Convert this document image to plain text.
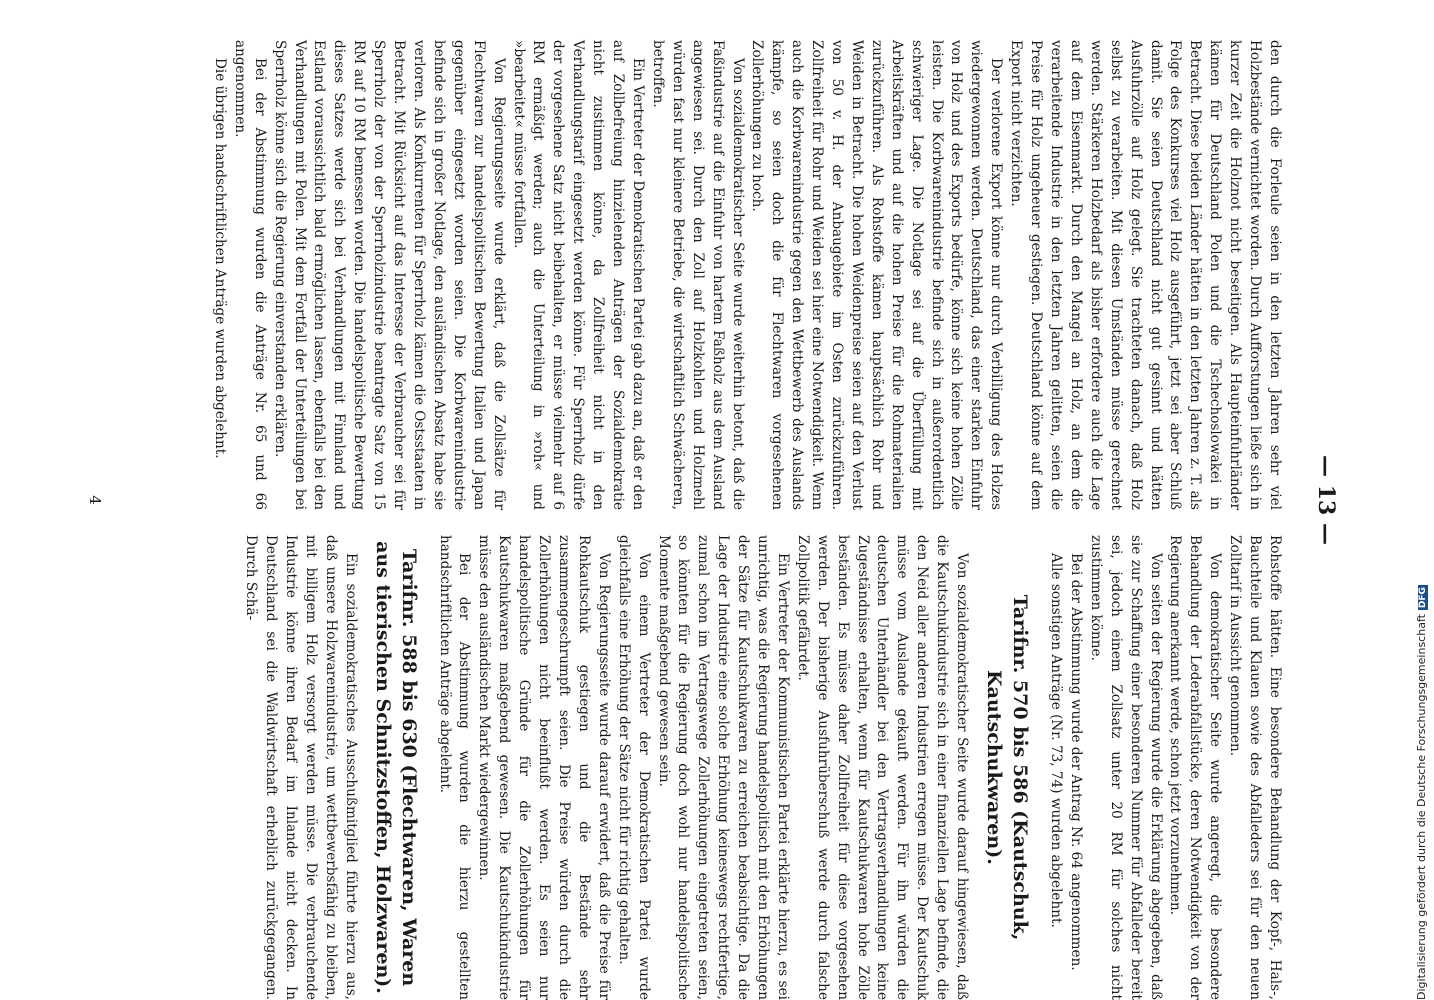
— 13 —

Rohstoffe hätten. Eine besondere Behandlung der Kopf-, Hals-, Bauchteile und Klauen sowie des Abfalleders sei für den neuen Zolltarif in Aussicht genommen.

Von demokratischer Seite wurde angeregt, die besondere Behandlung der Lederabfallstücke, deren Notwendigkeit von der Regierung anerkannt werde, schon jetzt vorzunehmen.

Von seiten der Regierung wurde die Erklärung abgegeben, daß sie zur Schaffung einer besonderen Nummer für Abfalleder bereit sei, jedoch einem Zollsatz unter 20 RM für solches nicht zustimmen könne.

Bei der Abstimmung wurde der Antrag Nr. 64 angenommen.

Alle sonstigen Anträge (Nr. 73, 74) wurden abgelehnt.

Tarifnr. 570 bis 586 (Kautschuk, Kautschukwaren).

Von sozialdemokratischer Seite wurde darauf hingewiesen, daß die Kautschukindustrie sich in einer finanziellen Lage befinde, die den Neid aller anderen Industrien erregen müsse. Der Kautschuk müsse vom Auslande gekauft werden. Für ihn würden die deutschen Unterhändler bei den Vertragsverhandlungen keine Zugeständnisse erhalten, wenn für Kautschukwaren hohe Zölle beständen. Es müsse daher Zollfreiheit für diese vorgesehen werden. Der bisherige Ausfuhrüberschuß werde durch falsche Zollpolitik gefährdet.

Ein Vertreter der Kommunistischen Partei erklärte hierzu, es sei unrichtig, was die Regierung handelspolitisch mit den Erhöhungen der Sätze für Kautschukwaren zu erreichen beabsichtige. Da die Lage der Industrie eine solche Erhöhung keineswegs rechtfertige, zumal schon im Vertragswege Zollerhöhungen eingetreten seien, so könnten für die Regierung doch wohl nur handelspolitische Momente maßgebend gewesen sein.

Von einem Vertreter der Demokratischen Partei wurde gleichfalls eine Erhöhung der Sätze nicht für richtig gehalten.

Von Regierungsseite wurde darauf erwidert, daß die Preise für Rohkautschuk gestiegen und die Bestände sehr zusammengeschrumpft seien. Die Preise würden durch die Zollerhöhungen nicht beeinflußt werden. Es seien nur handelspolitische Gründe für die Zollerhöhungen für Kautschukwaren maßgebend gewesen. Die Kautschukindustrie müsse den ausländischen Markt wiedergewinnen.

Bei der Abstimmung wurden die hierzu gestellten handschriftlichen Anträge abgelehnt.

Tarifnr. 588 bis 630 (Flechtwaren, Waren aus tierischen Schnitzstoffen, Holzwaren).

Ein sozialdemokratisches Ausschußmitglied führte hierzu aus, daß unsere Holzwarenindustrie, um wettbewerbsfähig zu bleiben, mit billigem Holz versorgt werden müsse. Die verbrauchende Industrie könne ihren Bedarf im Inlande nicht decken. In Deutschland sei die Waldwirtschaft erheblich zurückgegangen. Durch Schä-

den durch die Forleule seien in den letzten Jahren sehr viel Holzbestände vernichtet worden. Durch Aufforstungen ließe sich in kurzer Zeit die Holznot nicht beseitigen. Als Haupteinfuhrländer kämen für Deutschland Polen und die Tschechoslowakei in Betracht. Diese beiden Länder hätten in den letzten Jahren z. T. als Folge des Konkurses viel Holz ausgeführt, jetzt sei aber Schluß damit. Sie seien Deutschland nicht gut gesinnt und hätten Ausfuhrzölle auf Holz gelegt. Sie trachteten danach, daß Holz selbst zu verarbeiten. Mit diesen Umständen müsse gerechnet werden. Stärkeren Holzbedarf als bisher erfordere auch die Lage auf dem Eisenmarkt. Durch den Mangel an Holz, an dem die verarbeitende Industrie in den letzten Jahren gelitten, seien die Preise für Holz ungeheuer gestiegen. Deutschland könne auf dem Export nicht verzichten.

Der verlorene Export könne nur durch Verbilligung des Holzes wiedergewonnen werden. Deutschland, das einer starken Einfuhr von Holz und des Exports bedürfe, könne sich keine hohen Zölle leisten. Die Korbwarenindustrie befinde sich in außerordentlich schwieriger Lage. Die Notlage sei auf die Überfüllung mit Arbeitskräften und auf die hohen Preise für die Rohmaterialien zurückzuführen. Als Rohstoffe kämen hauptsächlich Rohr und Weiden in Betracht. Die hohen Weidenpreise seien auf den Verlust von 50 v. H. der Anbaugebiete im Osten zurückzuführen. Zollfreiheit für Rohr und Weiden sei hier eine Notwendigkeit. Wenn auch die Korbwarenindustrie gegen den Wettbewerb des Auslands kämpfe, so seien doch die für Flechtwaren vorgesehenen Zollerhöhungen zu hoch.

Von sozialdemokratischer Seite wurde weiterhin betont, daß die Faßindustrie auf die Einfuhr von hartem Faßholz aus dem Ausland angewiesen sei. Durch den Zoll auf Holzkohlen und Holzmehl würden fast nur kleinere Betriebe, die wirtschaftlich Schwächeren, betroffen.

Ein Vertreter der Demokratischen Partei gab dazu an, daß er den auf Zollbefreiung hinzielenden Anträgen der Sozialdemokratie nicht zustimmen könne, da Zollfreiheit nicht in den Verhandlungstarif eingesetzt werden könne. Für Sperrholz dürfe der vorgesehene Satz nicht beibehalten, er müsse vielmehr auf 6 RM ermäßigt werden; auch die Unterteilung in »roh« und »bearbeitet« müsse fortfallen.

Von Regierungsseite wurde erklärt, daß die Zollsätze für Flechtwaren zur handelspolitischen Bewertung Italien und Japan gegenüber eingesetzt worden seien. Die Korbwarenindustrie befinde sich in großer Notlage, den ausländischen Absatz habe sie verloren. Als Konkurrenten für Sperrholz kämen die Ostsstaaten in Betracht. Mit Rücksicht auf das Interesse der Verbraucher sei für Sperrholz der von der Sperrholzindustrie beantragte Satz von 15 RM auf 10 RM bemessen worden. Die handelspolitische Bewertung dieses Satzes werde sich bei Verhandlungen mit Finnland und Estland voraussichtlich bald ermöglichen lassen, ebenfalls bei den Verhandlungen mit Polen. Mit dem Fortfall der Unterteilungen bei Sperrholz könne sich die Regierung einverstanden erklären.

Bei der Abstimmung wurden die Anträge Nr. 65 und 66 angenommen.

Die übrigen handschriftlichen Anträge wurden abgelehnt.

4
Digitalisierung gefördert durch die Deutsche ForschungsgemeinschaftDFG
